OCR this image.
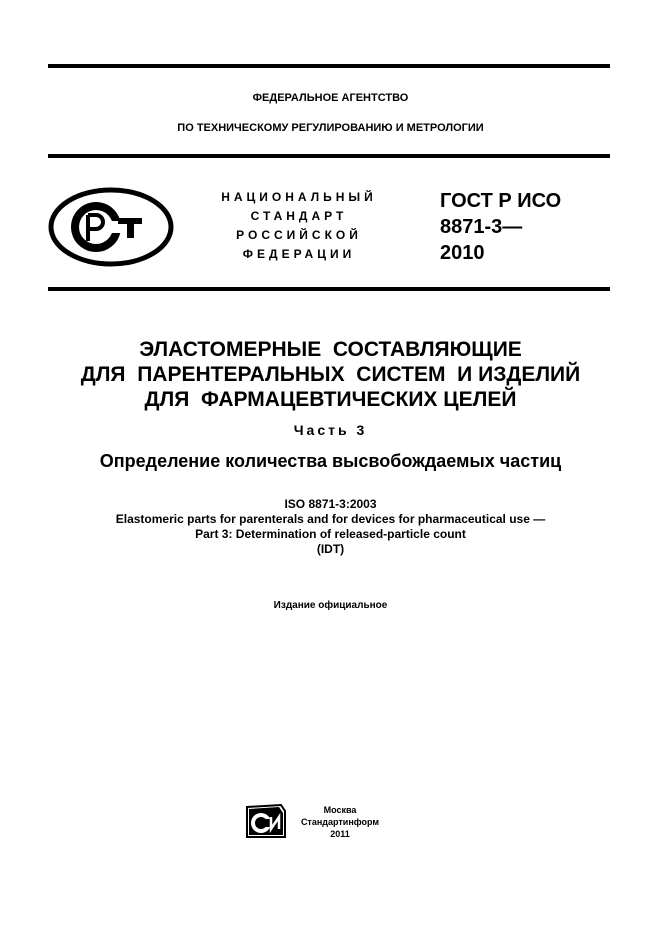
ФЕДЕРАЛЬНОЕ АГЕНТСТВО
ПО ТЕХНИЧЕСКОМУ РЕГУЛИРОВАНИЮ И МЕТРОЛОГИИ
НАЦИОНАЛЬНЫЙ
СТАНДАРТ
РОССИЙСКОЙ
ФЕДЕРАЦИИ
ГОСТ Р ИСО
8871-3—
2010
ЭЛАСТОМЕРНЫЕ  СОСТАВЛЯЮЩИЕ
ДЛЯ  ПАРЕНТЕРАЛЬНЫХ  СИСТЕМ  И ИЗДЕЛИЙ
ДЛЯ  ФАРМАЦЕВТИЧЕСКИХ ЦЕЛЕЙ
Часть 3
Определение количества высвобождаемых частиц
ISO 8871-3:2003
Elastomeric parts for parenterals and for devices for pharmaceutical use —
Part 3: Determination of released-particle count
(IDT)
Издание официальное
Москва
Стандартинформ
2011
